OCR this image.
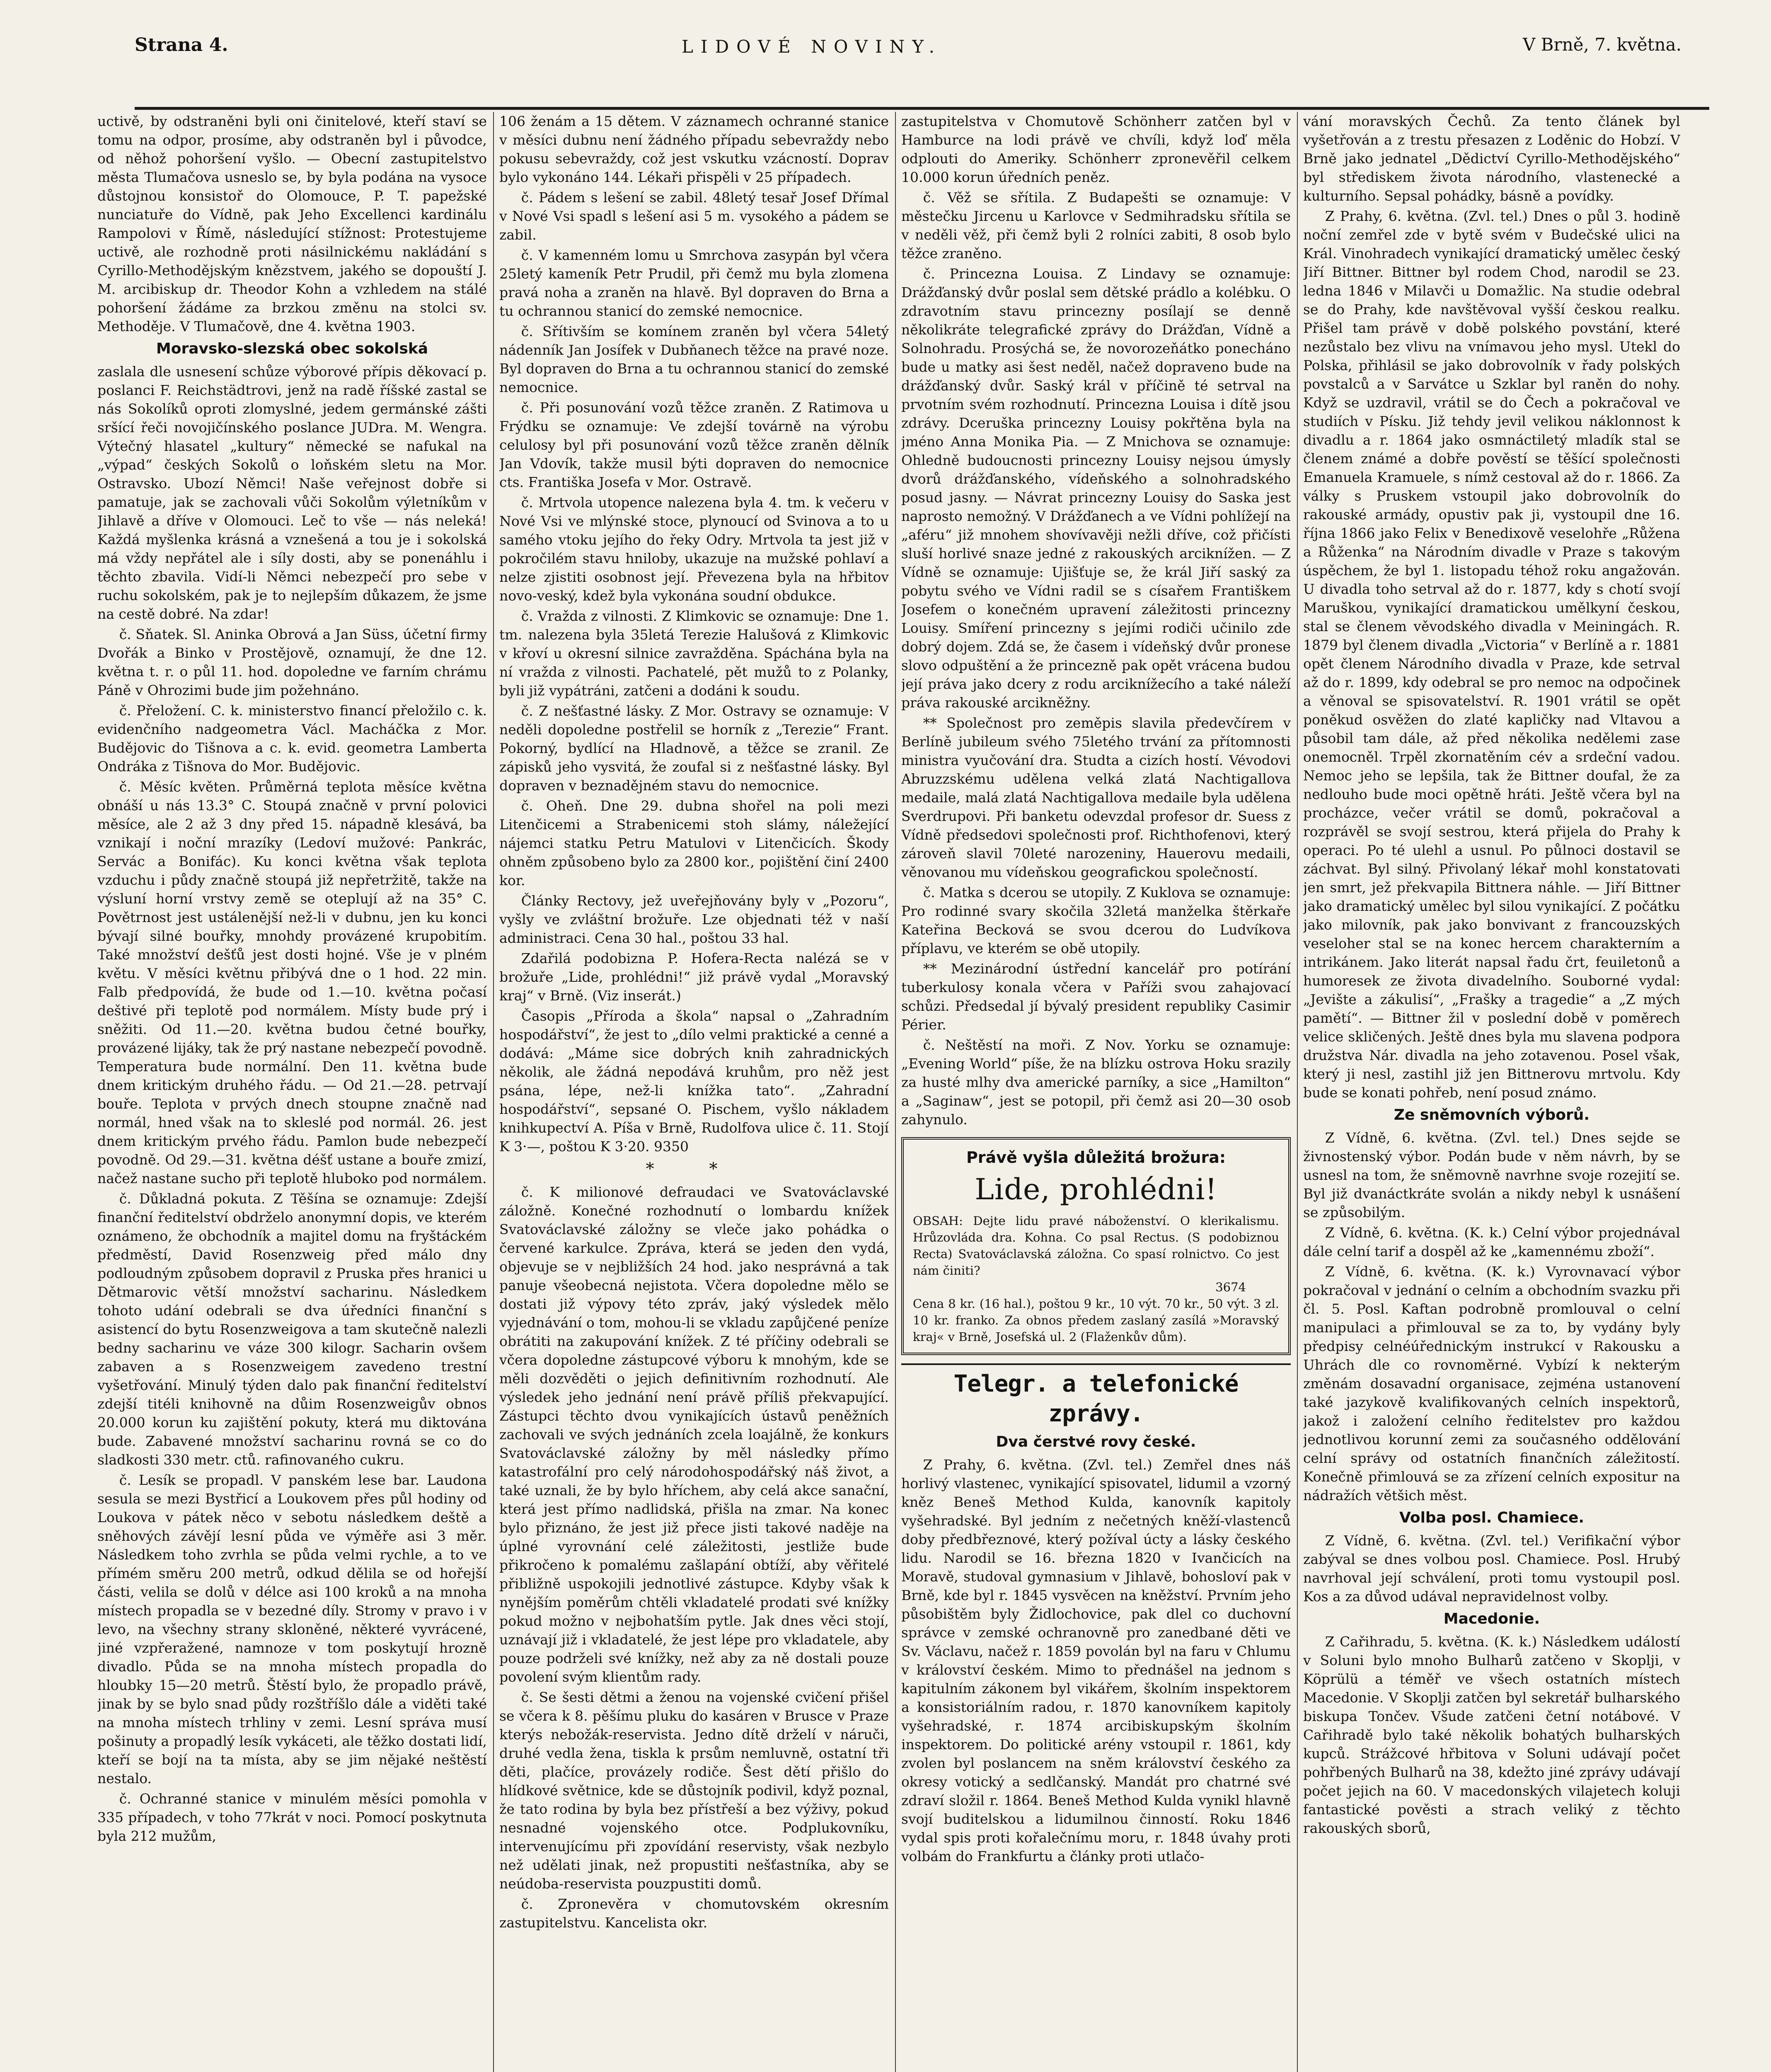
Strana 4.	LIDOVÉ NOVINY.	V Brně, 7. května.

uctivě, by odstraněni byli oni činitelové, kteří staví se tomu na odpor, prosíme, aby odstraněn byl i původce, od něhož pohoršení vyšlo. — Obecní zastupitelstvo města Tlumačova usneslo se, by byla podána na vysoce důstojnou konsistoř do Olomouce, P. T. papežské nunciatuře do Vídně, pak Jeho Excellenci kardinálu Rampolovi v Římě, následující stížnost: Protestujeme uctivě, ale rozhodně proti násilnickému nakládání s Cyrillo-Methodějským knězstvem, jakého se dopouští J. M. arcibiskup dr. Theodor Kohn a vzhledem na stálé pohoršení žádáme za brzkou změnu na stolci sv. Methoděje. V Tlumačově, dne 4. května 1903.

Moravsko-slezská obec sokolská

zaslala dle usnesení schůze výborové přípis děkovací p. poslanci F. Reichstädtrovi, jenž na radě říšské zastal se nás Sokolíků oproti zlomyslné, jedem germánské zášti sršící řeči novojičínského poslance JUDra. M. Wengra. Výtečný hlasatel „kultury“ německé se nafukal na „výpad“ českých Sokolů o loňském sletu na Mor. Ostravsko. Ubozí Němci! Naše veřejnost dobře si pamatuje, jak se zachovali vůči Sokolům výletníkům v Jihlavě a dříve v Olomouci. Leč to vše — nás neleká! Každá myšlenka krásná a vznešená a tou je i sokolská má vždy nepřátel ale i síly dosti, aby se ponenáhlu i těchto zbavila. Vidí-li Němci nebezpečí pro sebe v ruchu sokolském, pak je to nejlepším důkazem, že jsme na cestě dobré. Na zdar!

č. Sňatek. Sl. Aninka Obrová a Jan Süss, účetní firmy Dvořák a Binko v Prostějově, oznamují, že dne 12. května t. r. o půl 11. hod. dopoledne ve farním chrámu Páně v Ohrozimi bude jim požehnáno.

č. Přeložení. C. k. ministerstvo financí přeložilo c. k. evidenčního nadgeometra Václ. Macháčka z Mor. Budějovic do Tišnova a c. k. evid. geometra Lamberta Ondráka z Tišnova do Mor. Budějovic.

č. Měsíc květen. Průměrná teplota měsíce května obnáší u nás 13.3° C. Stoupá značně v první polovici měsíce, ale 2 až 3 dny před 15. nápadně klesává, ba vznikají i noční mrazíky (Ledoví mužové: Pankrác, Servác a Bonifác). Ku konci května však teplota vzduchu i půdy značně stoupá již nepřetržitě, takže na výsluní horní vrstvy země se oteplují až na 35° C. Povětrnost jest ustálenější než-li v dubnu, jen ku konci bývají silné bouřky, mnohdy provázené krupobitím. Také množství dešťů jest dosti hojné. Vše je v plném květu. V měsíci květnu přibývá dne o 1 hod. 22 min. Falb předpovídá, že bude od 1.—10. května počasí deštivé při teplotě pod normálem. Místy bude prý i sněžiti. Od 11.—20. května budou četné bouřky, provázené lijáky, tak že prý nastane nebezpečí povodně. Temperatura bude normální. Den 11. května bude dnem kritickým druhého řádu. — Od 21.—28. petrvají bouře. Teplota v prvých dnech stoupne značně nad normál, hned však na to skleslé pod normál. 26. jest dnem kritickým prvého řádu. Pamlon bude nebezpečí povodně. Od 29.—31. května déšť ustane a bouře zmizí, načež nastane sucho při teplotě hluboko pod normálem.

č. Důkladná pokuta. Z Těšína se oznamuje: Zdejší finanční ředitelství obdrželo anonymní dopis, ve kterém oznámeno, že obchodník a majitel domu na fryštáckém předměstí, David Rosenzweig před málo dny podloudným způsobem dopravil z Pruska přes hranici u Dětmarovic větší množství sacharinu. Následkem tohoto udání odebrali se dva úředníci finanční s asistencí do bytu Rosenzweigova a tam skutečně nalezli bedny sacharinu ve váze 300 kilogr. Sacharin ovšem zabaven a s Rosenzweigem zavedeno trestní vyšetřování. Minulý týden dalo pak finanční ředitelství zdejší titéli knihovně na důim Rosenzweigův obnos 20.000 korun ku zajištění pokuty, která mu diktována bude. Zabavené množství sacharinu rovná se co do sladkosti 330 metr. ctů. rafinovaného cukru.

č. Lesík se propadl. V panském lese bar. Laudona sesula se mezi Bystřicí a Loukovem přes půl hodiny od Loukova v pátek něco v sebotu následkem deště a sněhových závějí lesní půda ve výměře asi 3 měr. Následkem toho zvrhla se půda velmi rychle, a to ve přímém směru 200 metrů, odkud dělila se od hořejší části, velila se dolů v délce asi 100 kroků a na mnoha místech propadla se v bezedné díly. Stromy v pravo i v levo, na všechny strany skloněné, některé vyvrácené, jiné vzpřeražené, namnoze v tom poskytují hrozně divadlo. Půda se na mnoha místech propadla do hloubky 15—20 metrů. Štěstí bylo, že propadlo právě, jinak by se bylo snad půdy rozštříšlo dále a viděti také na mnoha místech trhliny v zemi. Lesní správa musí pošinuty a propadlý lesík vykáceti, ale těžko dostati lidí, kteří se bojí na ta místa, aby se jim nějaké neštěstí nestalo.

č. Ochranné stanice v minulém měsíci pomohla v 335 případech, v toho 77krát v noci. Pomocí poskytnuta byla 212 mužům,

106 ženám a 15 dětem. V záznamech ochranné stanice v měsíci dubnu není žádného případu sebevraždy nebo pokusu sebevraždy, což jest vskutku vzácností. Doprav bylo vykonáno 144. Lékaři přispěli v 25 případech.

č. Pádem s lešení se zabil. 48letý tesař Josef Dřímal v Nové Vsi spadl s lešení asi 5 m. vysokého a pádem se zabil.

č. V kamenném lomu u Smrchova zasypán byl včera 25letý kameník Petr Prudil, při čemž mu byla zlomena pravá noha a zraněn na hlavě. Byl dopraven do Brna a tu ochrannou stanicí do zemské nemocnice.

č. Sřítivším se komínem zraněn byl včera 54letý nádenník Jan Josífek v Dubňanech těžce na pravé noze. Byl dopraven do Brna a tu ochrannou stanicí do zemské nemocnice.

č. Při posunování vozů těžce zraněn. Z Ratimova u Frýdku se oznamuje: Ve zdejší továrně na výrobu celulosy byl při posunování vozů těžce zraněn dělník Jan Vdovík, takže musil býti dopraven do nemocnice cts. Františka Josefa v Mor. Ostravě.

č. Mrtvola utopence nalezena byla 4. tm. k večeru v Nové Vsi ve mlýnské stoce, plynoucí od Svinova a to u samého vtoku jejího do řeky Odry. Mrtvola ta jest již v pokročilém stavu hniloby, ukazuje na mužské pohlaví a nelze zjistiti osobnost její. Převezena byla na hřbitov novo-veský, kdež byla vykonána soudní obdukce.

č. Vražda z vilnosti. Z Klimkovic se oznamuje: Dne 1. tm. nalezena byla 35letá Terezie Halušová z Klimkovic v křoví u okresní silnice zavražděna. Spáchána byla na ní vražda z vilnosti. Pachatelé, pět mužů to z Polanky, byli již vypátráni, zatčeni a dodáni k soudu.

č. Z nešťastné lásky. Z Mor. Ostravy se oznamuje: V neděli dopoledne postřelil se horník z „Terezie“ Frant. Pokorný, bydlící na Hladnově, a těžce se zranil. Ze zápisků jeho vysvitá, že zoufal si z nešťastné lásky. Byl dopraven v beznadějném stavu do nemocnice.

č. Oheň. Dne 29. dubna shořel na poli mezi Litenčicemi a Strabenicemi stoh slámy, náležející nájemci statku Petru Matulovi v Litenčicích. Škody ohněm způsobeno bylo za 2800 kor., pojištění činí 2400 kor.

Články Rectovy, jež uveřejňovány byly v „Pozoru“, vyšly ve zvláštní brožuře. Lze objednati též v naší administraci. Cena 30 hal., poštou 33 hal.

Zdařilá podobizna P. Hofera-Recta nalézá se v brožuře „Lide, prohlédni!“ již právě vydal „Moravský kraj“ v Brně. (Viz inserát.)

Časopis „Příroda a škola“ napsal o „Zahradním hospodářství“, že jest to „dílo velmi praktické a cenné a dodává: „Máme sice dobrých knih zahradnických několik, ale žádná nepodává kruhům, pro něž jest psána, lépe, než-li knížka tato“. „Zahradní hospodářství“, sepsané O. Pischem, vyšlo nákladem knihkupectví A. Píša v Brně, Rudolfova ulice č. 11. Stojí K 3·—, poštou K 3·20. 9350

* *

č. K milionové defraudaci ve Svatováclavské záložně. Konečné rozhodnutí o lombardu knížek Svatováclavské záložny se vleče jako pohádka o červené karkulce. Zpráva, která se jeden den vydá, objevuje se v nejbližších 24 hod. jako nesprávná a tak panuje všeobecná nejistota. Včera dopoledne mělo se dostati již výpovy této zpráv, jaký výsledek mělo vyjednávání o tom, mohou-li se vkladu zapůjčené peníze obrátiti na zakupování knížek. Z té příčiny odebrali se včera dopoledne zástupcové výboru k mnohým, kde se měli dozvěděti o jejich definitivním rozhodnutí. Ale výsledek jeho jednání není právě příliš překvapující. Zástupci těchto dvou vynikajících ústavů peněžních zachovali ve svých jednáních zcela loajálně, že konkurs Svatováclavské záložny by měl následky přímo katastrofální pro celý národohospodářský náš život, a také uznali, že by bylo hříchem, aby celá akce sanační, která jest přímo nadlidská, přišla na zmar. Na konec bylo přiznáno, že jest již přece jisti takové naděje na úplné vyrovnání celé záležitosti, jestliže bude přikročeno k pomalému zašlapání obtíží, aby věřitelé přibližně uspokojili jednotlivé zástupce. Kdyby však k nynějším poměrům chtěli vkladatelé prodati své knížky pokud možno v nejbohatším pytle. Jak dnes věci stojí, uznávají již i vkladatelé, že jest lépe pro vkladatele, aby pouze podrželi své knížky, než aby za ně dostali pouze povolení svým klientům rady.

č. Se šesti dětmi a ženou na vojenské cvičení přišel se včera k 8. pěšímu pluku do kasáren v Brusce v Praze kterýs nebožák-reservista. Jedno dítě drželí v náruči, druhé vedla žena, tiskla k prsům nemluvně, ostatní tři děti, plačíce, provázely rodiče. Šest dětí přišlo do hlídkové světnice, kde se důstojník podivil, když poznal, že tato rodina by byla bez přístřeší a bez výživy, pokud nesnadné vojenského otce. Podplukovníku, intervenujícímu při zpovídání reservisty, však nezbylo než udělati jinak, než propustiti nešťastníka, aby se neúdoba-reservista pouzpustiti domů.

č. Zpronevěra v chomutovském okresním zastupitelstvu. Kancelista okr.

zastupitelstva v Chomutově Schönherr zatčen byl v Hamburce na lodi právě ve chvíli, když loď měla odplouti do Ameriky. Schönherr zpronevěřil celkem 10.000 korun úředních peněz.

č. Věž se sřítila. Z Budapešti se oznamuje: V městečku Jircenu u Karlovce v Sedmihradsku sřítila se v neděli věž, při čemž byli 2 rolníci zabiti, 8 osob bylo těžce zraněno.

č. Princezna Louisa. Z Lindavy se oznamuje: Drážďanský dvůr poslal sem dětské prádlo a kolébku. O zdravotním stavu princezny posílají se denně několikráte telegrafické zprávy do Drážďan, Vídně a Solnohradu. Prosýchá se, že novorozeňátko ponecháno bude u matky asi šest neděl, načež dopraveno bude na drážďanský dvůr. Saský král v příčině té setrval na prvotním svém rozhodnutí. Princezna Louisa i dítě jsou zdrávy. Dceruška princezny Louisy pokřtěna byla na jméno Anna Monika Pia. — Z Mnichova se oznamuje: Ohledně budoucnosti princezny Louisy nejsou úmysly dvorů drážďanského, vídeňského a solnohradského posud jasny. — Návrat princezny Louisy do Saska jest naprosto nemožný. V Drážďanech a ve Vídni pohlížejí na „aféru“ již mnohem shovívavěji nežli dříve, což přičísti sluší horlivé snaze jedné z rakouských arciknížen. — Z Vídně se oznamuje: Ujišťuje se, že král Jiří saský za pobytu svého ve Vídni radil se s císařem Františkem Josefem o konečném upravení záležitosti princezny Louisy. Smíření princezny s jejími rodiči učinilo zde dobrý dojem. Zdá se, že časem i vídeňský dvůr pronese slovo odpuštění a že princezně pak opět vrácena budou její práva jako dcery z rodu arciknížecího a také náleží práva rakouské arcikněžny.

** Společnost pro zeměpis slavila předevčírem v Berlíně jubileum svého 75letého trvání za přítomnosti ministra vyučování dra. Studta a cizích hostí. Vévodovi Abruzzskému udělena velká zlatá Nachtigallova medaile, malá zlatá Nachtigallova medaile byla udělena Sverdrupovi. Při banketu odevzdal profesor dr. Suess z Vídně předsedovi společnosti prof. Richthofenovi, který zároveň slavil 70leté narozeniny, Hauerovu medaili, věnovanou mu vídeňskou geografickou společností.

č. Matka s dcerou se utopily. Z Kuklova se oznamuje: Pro rodinné svary skočila 32letá manželka štěrkaře Kateřina Becková se svou dcerou do Ludvíkova příplavu, ve kterém se obě utopily.

** Mezinárodní ústřední kancelář pro potírání tuberkulosy konala včera v Paříži svou zahajovací schůzi. Předsedal jí bývalý president republiky Casimir Périer.

č. Neštěstí na moři. Z Nov. Yorku se oznamuje: „Evening World“ píše, že na blízku ostrova Hoku srazily za husté mlhy dva americké parníky, a sice „Hamilton“ a „Saginaw“, jest se potopil, při čemž asi 20—30 osob zahynulo.

Právě vyšla důležitá brožura:
Lide, prohlédni!
OBSAH: Dejte lidu pravé náboženství. O klerikalismu. Hrůzovláda dra. Kohna. Co psal Rectus. (S podobiznou Recta) Svatováclavská záložna. Co spasí rolnictvo. Co jest nám činiti?
3674
Cena 8 kr. (16 hal.), poštou 9 kr., 10 výt. 70 kr., 50 výt. 3 zl. 10 kr. franko. Za obnos předem zaslaný zasílá »Moravský kraj« v Brně, Josefská ul. 2 (Flaženkův dům).
Telegr. a telefonické zprávy.
Dva čerstvé rovy české.

Z Prahy, 6. května. (Zvl. tel.) Zemřel dnes náš horlivý vlastenec, vynikající spisovatel, lidumil a vzorný kněz Beneš Method Kulda, kanovník kapitoly vyšehradské. Byl jedním z nečetných kněží-vlastenců doby předbřeznové, který požíval úcty a lásky českého lidu. Narodil se 16. března 1820 v Ivančicích na Moravě, studoval gymnasium v Jihlavě, bohosloví pak v Brně, kde byl r. 1845 vysvěcen na kněžství. Prvním jeho působištěm byly Židlochovice, pak dlel co duchovní správce v zemské ochranovně pro zanedbané děti ve Sv. Václavu, načež r. 1859 povolán byl na faru v Chlumu v království českém. Mimo to přednášel na jednom s kapitulním zákonem byl vikářem, školním inspektorem a konsistoriálním radou, r. 1870 kanovníkem kapitoly vyšehradské, r. 1874 arcibiskupským školním inspektorem. Do politické arény vstoupil r. 1861, kdy zvolen byl poslancem na sněm království českého za okresy votický a sedlčanský. Mandát pro chatrné své zdraví složil r. 1864. Beneš Method Kulda vynikl hlavně svojí buditelskou a lidumilnou činností. Roku 1846 vydal spis proti kořalečnímu moru, r. 1848 úvahy proti volbám do Frankfurtu a články proti utlačo-

vání moravských Čechů. Za tento článek byl vyšetřován a z trestu přesazen z Loděnic do Hobzí. V Brně jako jednatel „Dědictví Cyrillo-Methodějského“ byl střediskem života národního, vlastenecké a kulturního. Sepsal pohádky, básně a povídky.

Z Prahy, 6. května. (Zvl. tel.) Dnes o půl 3. hodině noční zemřel zde v bytě svém v Budečské ulici na Král. Vinohradech vynikající dramatický umělec český Jiří Bittner. Bittner byl rodem Chod, narodil se 23. ledna 1846 v Milavči u Domažlic. Na studie odebral se do Prahy, kde navštěvoval vyšší českou realku. Přišel tam právě v době polského povstání, které nezůstalo bez vlivu na vnímavou jeho mysl. Utekl do Polska, přihlásil se jako dobrovolník v řady polských povstalců a v Sarvátce u Szklar byl raněn do nohy. Když se uzdravil, vrátil se do Čech a pokračoval ve studiích v Písku. Již tehdy jevil velikou náklonnost k divadlu a r. 1864 jako osmnáctiletý mladík stal se členem známé a dobře pověstí se těšící společnosti Emanuela Kramuele, s nímž cestoval až do r. 1866. Za války s Pruskem vstoupil jako dobrovolník do rakouské armády, opustiv pak ji, vystoupil dne 16. října 1866 jako Felix v Benedixově veselohře „Růžena a Růženka“ na Národním divadle v Praze s takovým úspěchem, že byl 1. listopadu téhož roku angažován. U divadla toho setrval až do r. 1877, kdy s chotí svojí Maruškou, vynikající dramatickou umělkyní českou, stal se členem věvodského divadla v Meiningách. R. 1879 byl členem divadla „Victoria“ v Berlíně a r. 1881 opět členem Národního divadla v Praze, kde setrval až do r. 1899, kdy odebral se pro nemoc na odpočinek a věnoval se spisovatelství. R. 1901 vrátil se opět poněkud osvěžen do zlaté kapličky nad Vltavou a působil tam dále, až před několika nedělemi zase onemocněl. Trpěl zkornatěním cév a srdeční vadou. Nemoc jeho se lepšila, tak že Bittner doufal, že za nedlouho bude moci opětně hráti. Ještě včera byl na procházce, večer vrátil se domů, pokračoval a rozprávěl se svojí sestrou, která přijela do Prahy k operaci. Po té ulehl a usnul. Po půlnoci dostavil se záchvat. Byl silný. Přivolaný lékař mohl konstatovati jen smrt, jež překvapila Bittnera náhle. — Jiří Bittner jako dramatický umělec byl silou vynikající. Z počátku jako milovník, pak jako bonvivant z francouzských veseloher stal se na konec hercem charakterním a intrikánem. Jako literát napsal řadu črt, feuiletonů a humoresek ze života divadelního. Souborné vydal: „Jevište a zákulisí“, „Frašky a tragedie“ a „Z mých pamětí“. — Bittner žil v poslední době v poměrech velice skličených. Ještě dnes byla mu slavena podpora družstva Nár. divadla na jeho zotavenou. Posel však, který ji nesl, zastihl již jen Bittnerovu mrtvolu. Kdy bude se konati pohřeb, není posud známo.

Ze sněmovních výborů.

Z Vídně, 6. května. (Zvl. tel.) Dnes sejde se živnostenský výbor. Podán bude v něm návrh, by se usnesl na tom, že sněmovně navrhne svoje rozejití se. Byl již dvanáctkráte svolán a nikdy nebyl k usnášení se způsobilým.

Z Vídně, 6. května. (K. k.) Celní výbor projednával dále celní tarif a dospěl až ke „kamennému zboží“.

Z Vídně, 6. května. (K. k.) Vyrovnavací výbor pokračoval v jednání o celním a obchodním svazku při čl. 5. Posl. Kaftan podrobně promlouval o celní manipulaci a přimlouval se za to, by vydány byly předpisy celnéúřednickým instrukcí v Rakousku a Uhrách dle co rovnoměrné. Vybízí k nekterým změnám dosavadní organisace, zejména ustanovení také jazykově kvalifikovaných celních inspektorů, jakož i založení celního ředitelstev pro každou jednotlivou korunní zemi za současného oddělování celní správy od ostatních finančních záležitostí. Konečně přimlouvá se za zřízení celních expositur na nádražích většich měst.

Volba posl. Chamiece.

Z Vídně, 6. května. (Zvl. tel.) Verifikační výbor zabýval se dnes volbou posl. Chamiece. Posl. Hrubý navrhoval její schválení, proti tomu vystoupil posl. Kos a za důvod udával nepravidelnost volby.

Macedonie.

Z Cařihradu, 5. května. (K. k.) Následkem událostí v Soluni bylo mnoho Bulharů zatčeno v Skoplji, v Köprülü a téměř ve všech ostatních místech Macedonie. V Skoplji zatčen byl sekretář bulharského biskupa Tončev. Všude zatčeni četní notábové. V Cařihradě bylo také několik bohatých bulharských kupců. Strážcové hřbitova v Soluni udávají počet pohřbených Bulharů na 38, kdežto jiné zprávy udávají počet jejich na 60. V macedonských vilajetech koluji fantastické pověsti a strach veliký z těchto rakouských sborů,
